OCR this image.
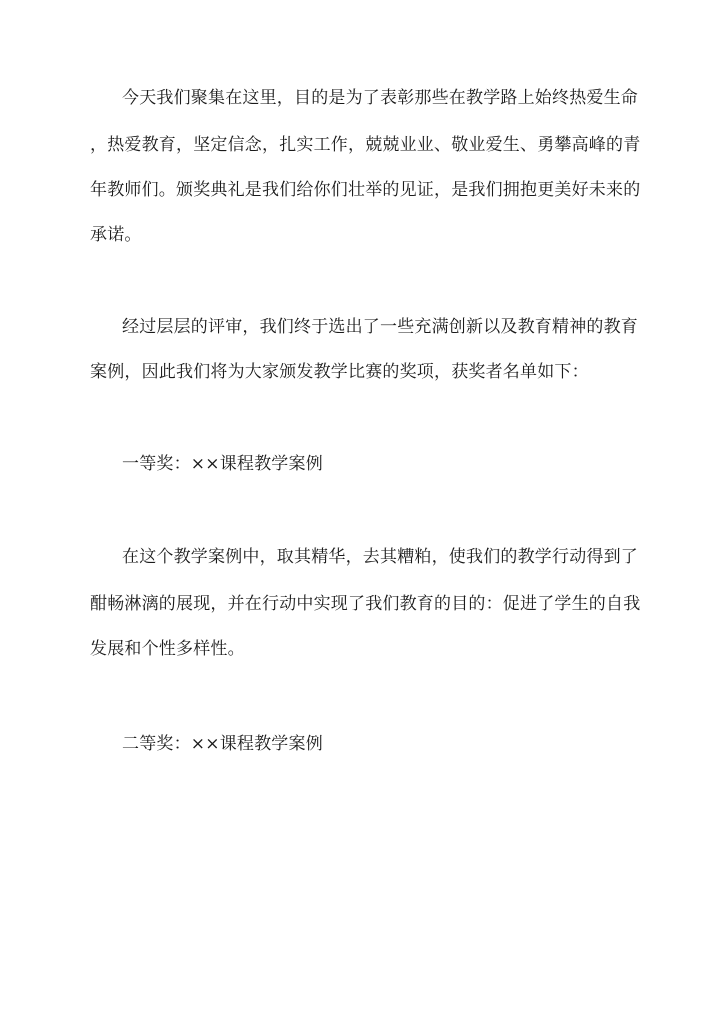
今天我们聚集在这里，目的是为了表彰那些在教学路上始终热爱生命
，热爱教育，坚定信念，扎实工作，兢兢业业、敬业爱生、勇攀高峰的青
年教师们。颁奖典礼是我们给你们壮举的见证，是我们拥抱更美好未来的
承诺。
经过层层的评审，我们终于选出了一些充满创新以及教育精神的教育
案例，因此我们将为大家颁发教学比赛的奖项，获奖者名单如下：
一等奖：××课程教学案例
在这个教学案例中，取其精华，去其糟粕，使我们的教学行动得到了
酣畅淋漓的展现，并在行动中实现了我们教育的目的：促进了学生的自我
发展和个性多样性。
二等奖：××课程教学案例
